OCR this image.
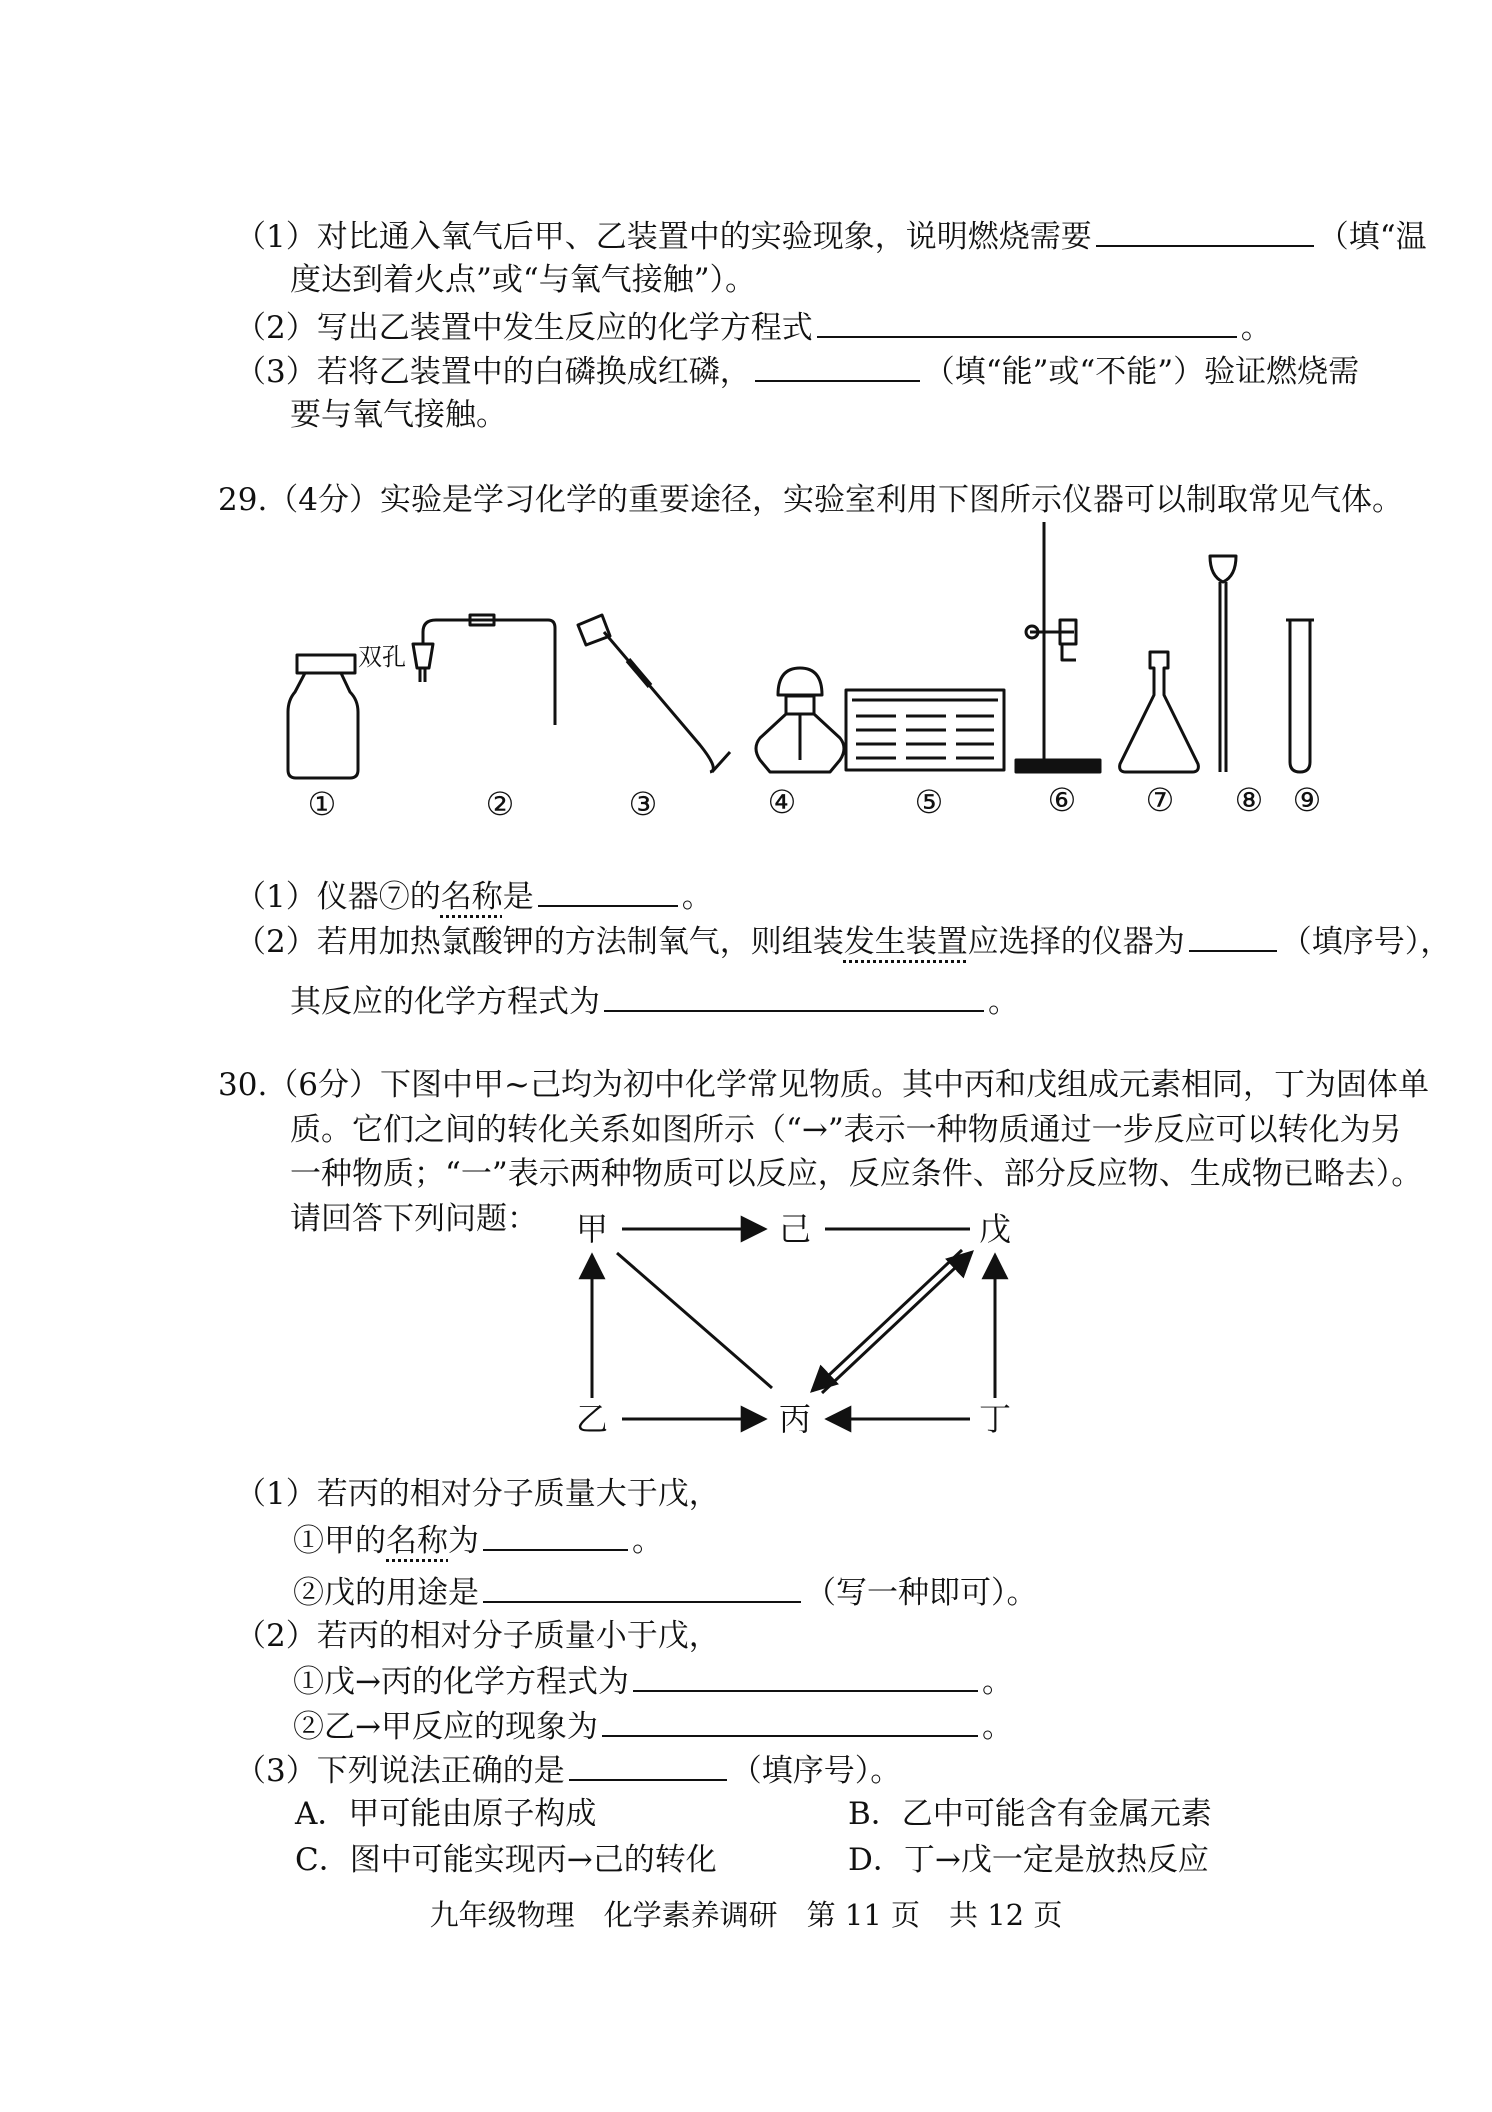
（1）对比通入氧气后甲、乙装置中的实验现象，说明燃烧需要	（填“温
度达到着火点”或“与氧气接触”）。
（2）写出乙装置中发生反应的化学方程式	。
（3）若将乙装置中的白磷换成红磷，	（填“能”或“不能”）验证燃烧需
要与氧气接触。
29.（4分）实验是学习化学的重要途径，实验室利用下图所示仪器可以制取常见气体。
双孔
①	②	③	④	⑤	⑥ ⑦ ⑧ ⑨
（1）仪器⑦的名称是	。
（2）若用加热氯酸钾的方法制氧气，则组装发生装置应选择的仪器为	（填序号），
其反应的化学方程式为	。
30.（6分）下图中甲~己均为初中化学常见物质。其中丙和戊组成元素相同，丁为固体单
质。它们之间的转化关系如图所示（“→”表示一种物质通过一步反应可以转化为另
一种物质；“一”表示两种物质可以反应，反应条件、部分反应物、生成物已略去）。
请回答下列问题： 甲	己	戊
乙	丙	丁
（1）若丙的相对分子质量大于戊，
①甲的名称为	。
②戊的用途是	（写一种即可）。
（2）若丙的相对分子质量小于戊，
①戊→丙的化学方程式为	。
②乙→甲反应的现象为	。
（3）下列说法正确的是	（填序号）。
A．甲可能由原子构成	B．乙中可能含有金属元素
C．图中可能实现丙→己的转化	D．丁→戊一定是放热反应
九年级物理　化学素养调研　第 11 页　共 12 页
